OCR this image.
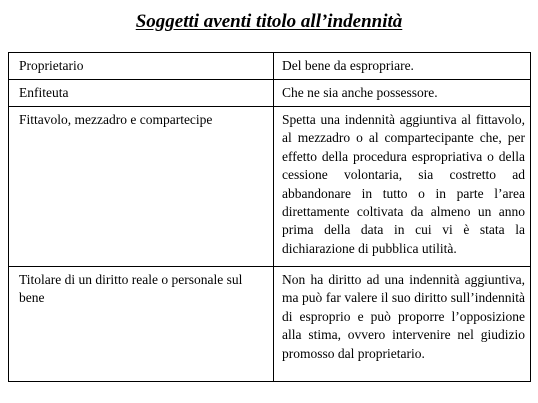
Soggetti aventi titolo all’indennità
Proprietario	Del bene da espropriare.

Enfiteuta	Che ne sia anche possessore.

Fittavolo, mezzadro e compartecipe	Spetta una indennità aggiuntiva al fittavolo, al mezzadro o al compartecipante che, per effetto della procedura espropriativa o della cessione volontaria, sia costretto ad abbandonare in tutto o in parte l’area direttamente coltivata da almeno un anno prima della data in cui vi è stata la dichiarazione di pubblica utilità.

Titolare di un diritto reale o personale sul bene	Non ha diritto ad una indennità aggiuntiva, ma può far valere il suo diritto sull’indennità di esproprio e può proporre l’opposizione alla stima, ovvero intervenire nel giudizio promosso dal proprietario.
